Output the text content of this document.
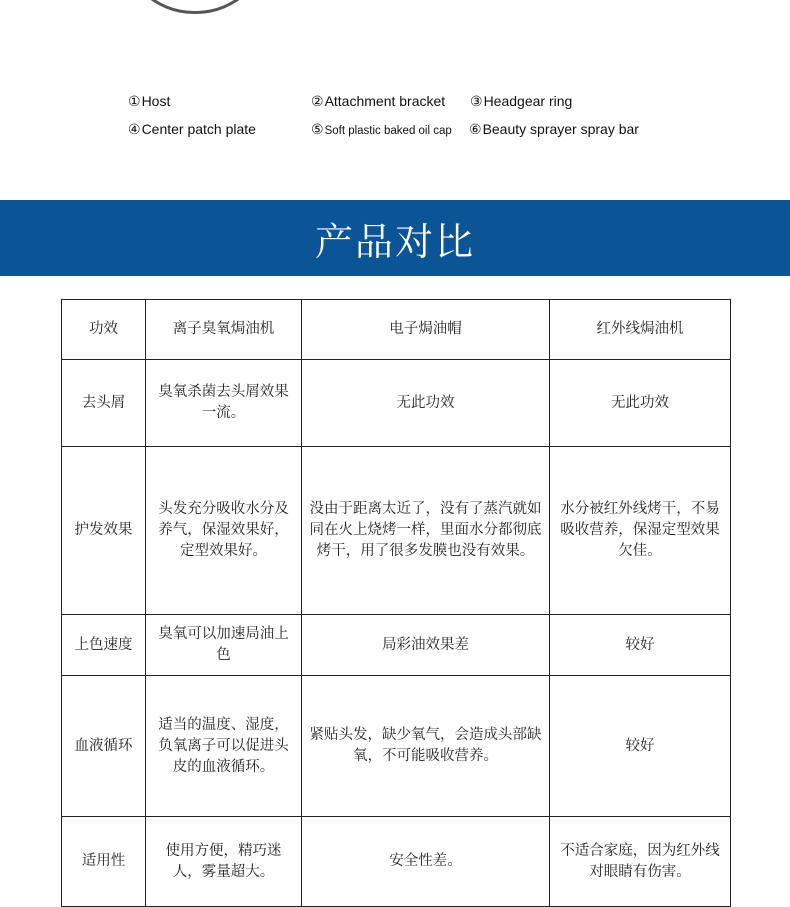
①Host	②Attachment bracket ③Headgear ring
④Center patch plate	⑤Soft plastic baked oil cap ⑥Beauty sprayer spray bar
产品对比
功效	离子臭氧焗油机	电子焗油帽	红外线焗油机
去头屑	臭氧杀菌去头屑效果一流。	无此功效	无此功效
护发效果	头发充分吸收水分及养气，保湿效果好，定型效果好。	没由于距离太近了，没有了蒸汽就如同在火上烧烤一样，里面水分都彻底烤干，用了很多发膜也没有效果。	水分被红外线烤干，不易吸收营养，保湿定型效果欠佳。
上色速度	臭氧可以加速局油上色	局彩油效果差	较好
血液循环	适当的温度、湿度，负氧离子可以促进头皮的血液循环。	紧贴头发，缺少氧气，会造成头部缺氧，不可能吸收营养。	较好
适用性	使用方便，精巧迷人，雾量超大。	安全性差。	不适合家庭，因为红外线对眼睛有伤害。
